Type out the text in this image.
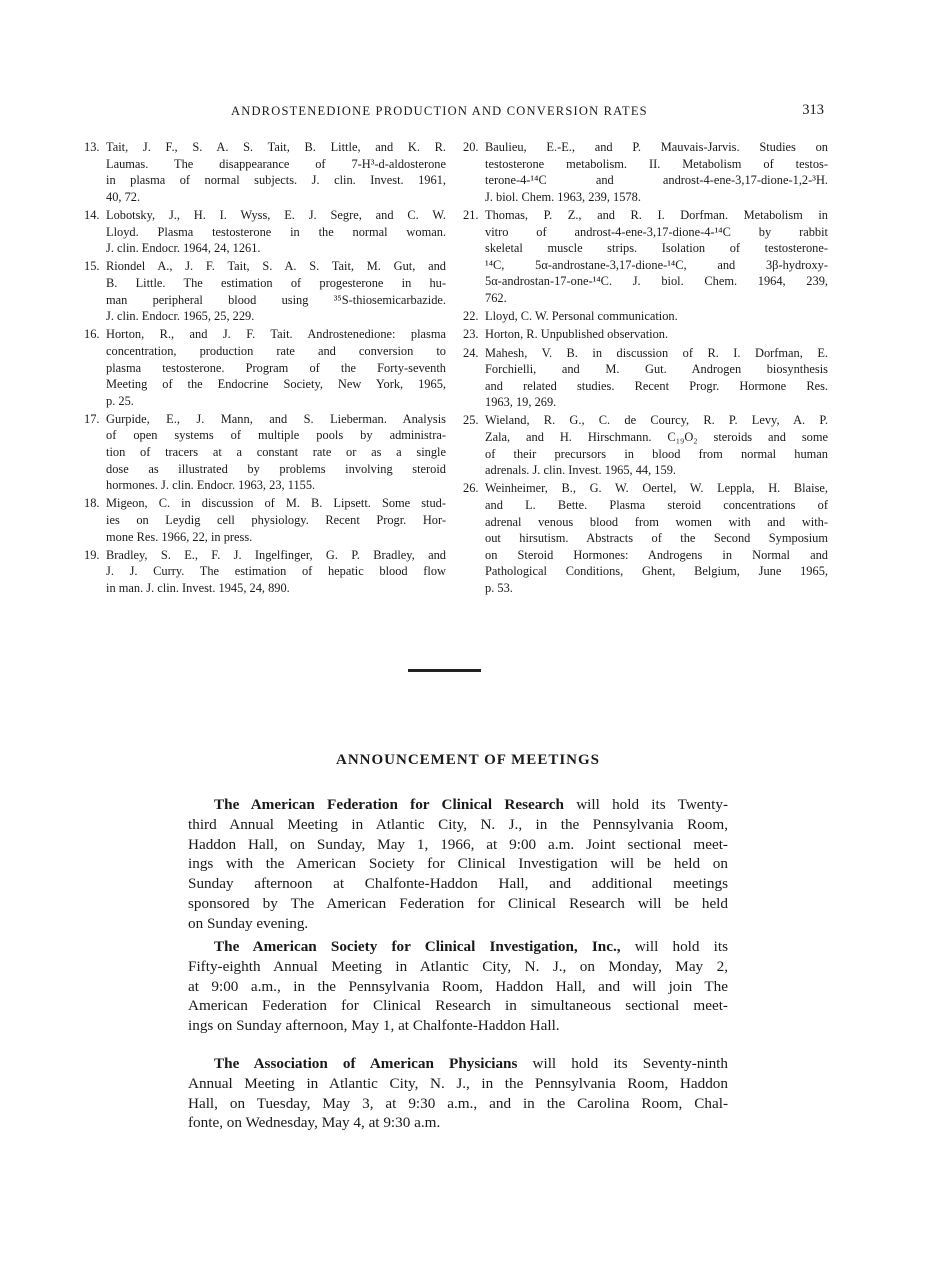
ANDROSTENEDIONE PRODUCTION AND CONVERSION RATES	313
13. Tait, J. F., S. A. S. Tait, B. Little, and K. R.
Laumas. The disappearance of 7-H³-d-aldosterone
in plasma of normal subjects. J. clin. Invest. 1961,
40, 72.
14. Lobotsky, J., H. I. Wyss, E. J. Segre, and C. W.
Lloyd. Plasma testosterone in the normal woman.
J. clin. Endocr. 1964, 24, 1261.
15. Riondel A., J. F. Tait, S. A. S. Tait, M. Gut, and
B. Little. The estimation of progesterone in hu-
man peripheral blood using ³⁵S-thiosemicarbazide.
J. clin. Endocr. 1965, 25, 229.
16. Horton, R., and J. F. Tait. Androstenedione: plasma
concentration, production rate and conversion to
plasma testosterone. Program of the Forty-seventh
Meeting of the Endocrine Society, New York, 1965,
p. 25.
17. Gurpide, E., J. Mann, and S. Lieberman. Analysis
of open systems of multiple pools by administra-
tion of tracers at a constant rate or as a single
dose as illustrated by problems involving steroid
hormones. J. clin. Endocr. 1963, 23, 1155.
18. Migeon, C. in discussion of M. B. Lipsett. Some stud-
ies on Leydig cell physiology. Recent Progr. Hor-
mone Res. 1966, 22, in press.
19. Bradley, S. E., F. J. Ingelfinger, G. P. Bradley, and
J. J. Curry. The estimation of hepatic blood flow
in man. J. clin. Invest. 1945, 24, 890.
20. Baulieu, E.-E., and P. Mauvais-Jarvis. Studies on
testosterone metabolism. II. Metabolism of testos-
terone-4-¹⁴C and androst-4-ene-3,17-dione-1,2-³H.
J. biol. Chem. 1963, 239, 1578.
21. Thomas, P. Z., and R. I. Dorfman. Metabolism in
vitro of androst-4-ene-3,17-dione-4-¹⁴C by rabbit
skeletal muscle strips. Isolation of testosterone-
¹⁴C, 5α-androstane-3,17-dione-¹⁴C, and 3β-hydroxy-
5α-androstan-17-one-¹⁴C. J. biol. Chem. 1964, 239,
762.
22. Lloyd, C. W. Personal communication.
23. Horton, R. Unpublished observation.
24. Mahesh, V. B. in discussion of R. I. Dorfman, E.
Forchielli, and M. Gut. Androgen biosynthesis
and related studies. Recent Progr. Hormone Res.
1963, 19, 269.
25. Wieland, R. G., C. de Courcy, R. P. Levy, A. P.
Zala, and H. Hirschmann. C₁₉O₂ steroids and some
of their precursors in blood from normal human
adrenals. J. clin. Invest. 1965, 44, 159.
26. Weinheimer, B., G. W. Oertel, W. Leppla, H. Blaise,
and L. Bette. Plasma steroid concentrations of
adrenal venous blood from women with and with-
out hirsutism. Abstracts of the Second Symposium
on Steroid Hormones: Androgens in Normal and
Pathological Conditions, Ghent, Belgium, June 1965,
p. 53.
ANNOUNCEMENT OF MEETINGS
The American Federation for Clinical Research will hold its Twenty-
third Annual Meeting in Atlantic City, N. J., in the Pennsylvania Room,
Haddon Hall, on Sunday, May 1, 1966, at 9:00 a.m. Joint sectional meet-
ings with the American Society for Clinical Investigation will be held on
Sunday afternoon at Chalfonte-Haddon Hall, and additional meetings
sponsored by The American Federation for Clinical Research will be held
on Sunday evening.
The American Society for Clinical Investigation, Inc., will hold its
Fifty-eighth Annual Meeting in Atlantic City, N. J., on Monday, May 2,
at 9:00 a.m., in the Pennsylvania Room, Haddon Hall, and will join The
American Federation for Clinical Research in simultaneous sectional meet-
ings on Sunday afternoon, May 1, at Chalfonte-Haddon Hall.
The Association of American Physicians will hold its Seventy-ninth
Annual Meeting in Atlantic City, N. J., in the Pennsylvania Room, Haddon
Hall, on Tuesday, May 3, at 9:30 a.m., and in the Carolina Room, Chal-
fonte, on Wednesday, May 4, at 9:30 a.m.
